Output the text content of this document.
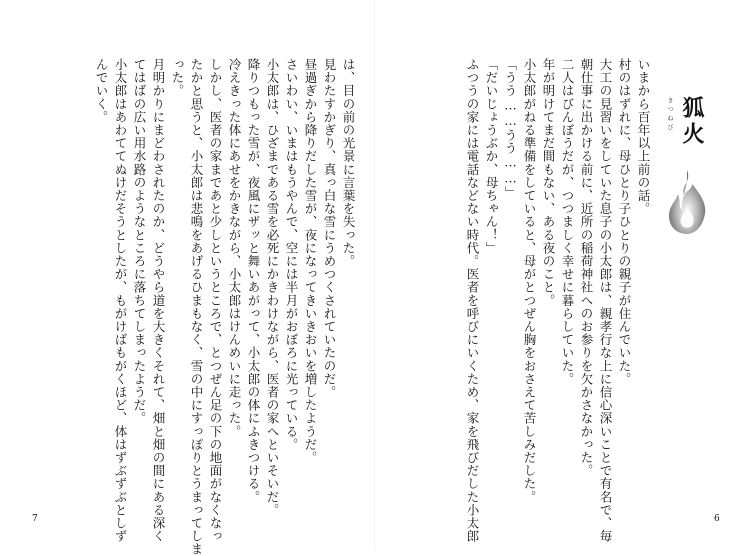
きつねび 狐火
いまから百年以上前の話。
村のはずれに、母ひとり子ひとりの親子が住んでいた。
大工の見習いをしていた息子の小太郎は、親孝行な上に信心深いことで有名で、毎
朝仕事に出かける前に、近所の稲荷神社へのお参りを欠かさなかった。
二人はびんぼうだが、つつましく幸せに暮らしていた。
年が明けてまだ間もない、ある夜のこと。
小太郎がねる準備をしていると、母がとつぜん胸をおさえて苦しみだした。
「うう……うう……」
「だいじょうぶか、母ちゃん！」
ふつうの家には電話などない時代。医者を呼びにいくため、家を飛びだした小太郎
は、目の前の光景に言葉を失った。
見わたすかぎり、真っ白な雪にうめつくされていたのだ。
昼過ぎから降りだした雪が、夜になってきいきおいを増したようだ。
さいわい、いまはもうやんで、空には半月がおぼろに光っている。
小太郎は、ひざまである雪を必死にかきわけながら、医者の家へといそいだ。
降りつもった雪が、夜風にザッと舞いあがって、小太郎の体にふきつける。
冷えきった体にあせをかきながら、小太郎はけんめいに走った。
しかし、医者の家まであと少しというところで、とつぜん足の下の地面がなくなっ
たかと思うと、小太郎は悲鳴をあげるひまもなく、雪の中にすっぽりとうまってしま
った。
月明かりにまどわされたのか、どうやら道を大きくそれて、畑と畑の間にある深く
てはばの広い用水路のようなところに落ちてしまったようだ。
小太郎はあわててぬけだそうとしたが、もがけばもがくほど、体はずぶずぶとしず
んでいく。
7	6
